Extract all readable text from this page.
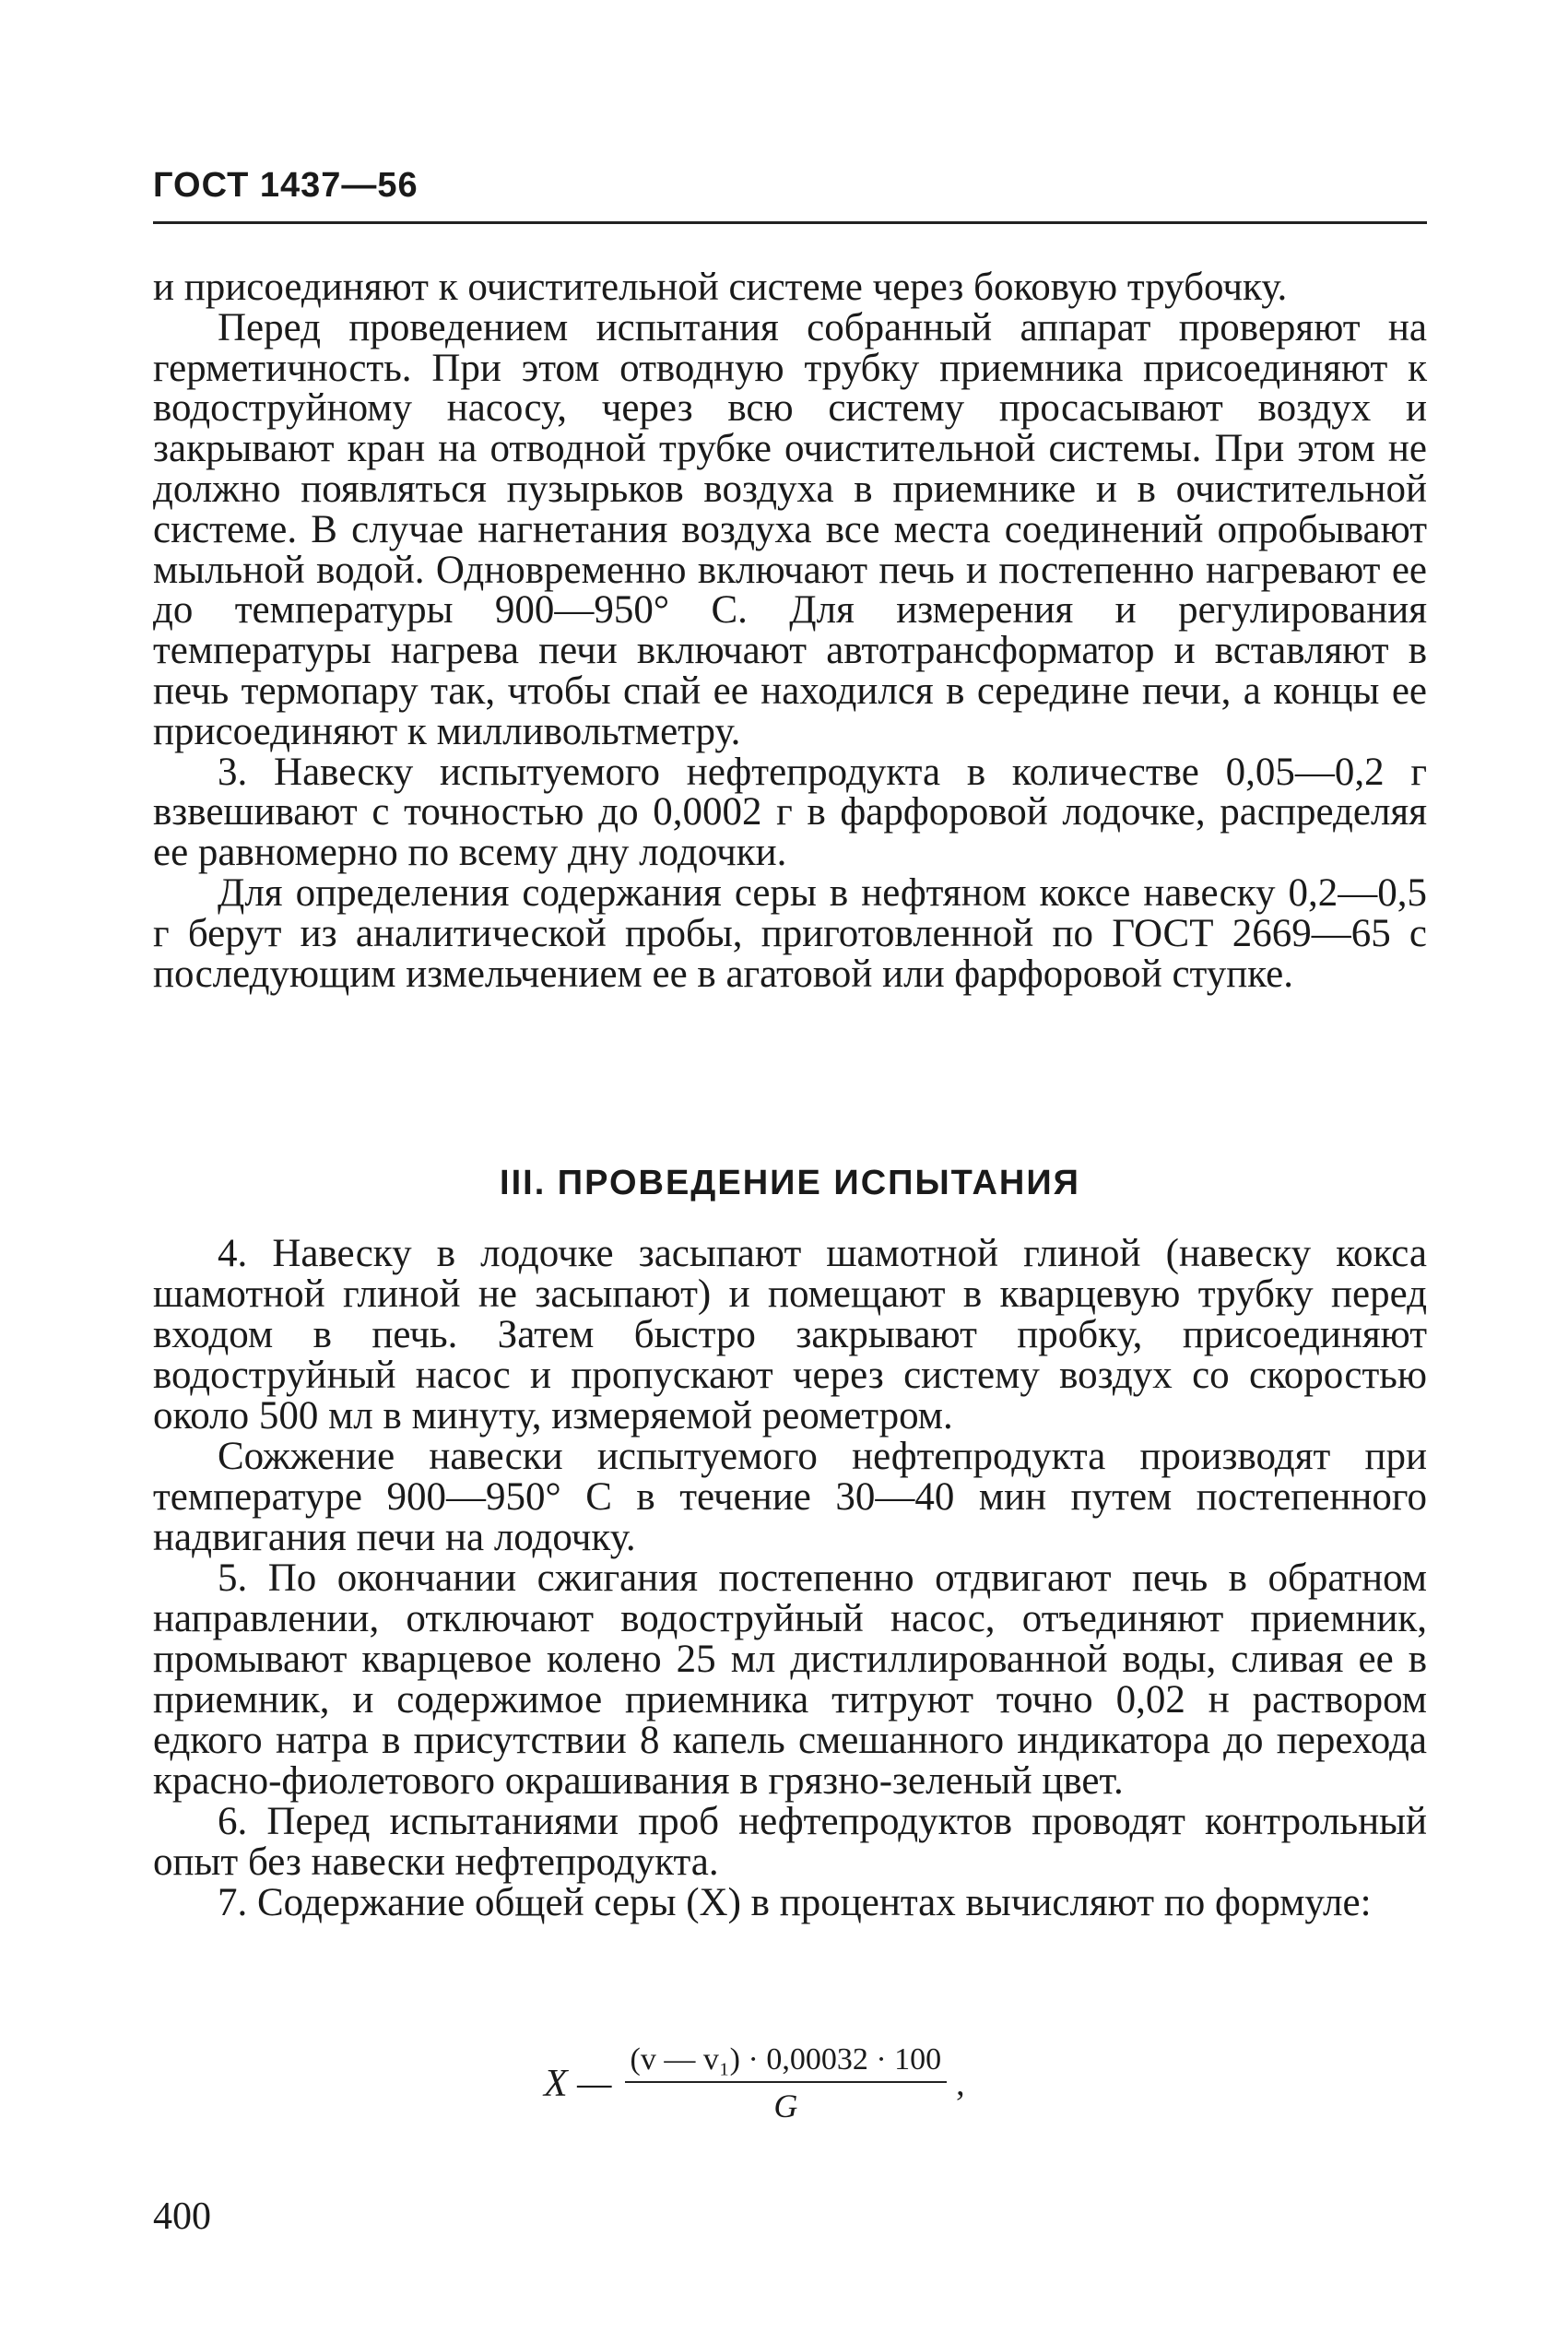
ГОСТ 1437—56

и присоединяют к очистительной системе через боковую трубочку.

Перед проведением испытания собранный аппарат проверяют на герметичность. При этом отводную трубку приемника присоединяют к водоструйному насосу, через всю систему просасывают воздух и закрывают кран на отводной трубке очистительной системы. При этом не должно появляться пузырьков воздуха в приемнике и в очистительной системе. В случае нагнетания воздуха все места соединений опробывают мыльной водой. Одновременно включают печь и постепенно нагревают ее до температуры 900—950° С. Для измерения и регулирования температуры нагрева печи включают автотрансформатор и вставляют в печь термопару так, чтобы спай ее находился в середине печи, а концы ее присоединяют к милливольтметру.

3. Навеску испытуемого нефтепродукта в количестве 0,05—0,2 г взвешивают с точностью до 0,0002 г в фарфоровой лодочке, распределяя ее равномерно по всему дну лодочки.

Для определения содержания серы в нефтяном коксе навеску 0,2—0,5 г берут из аналитической пробы, приготовленной по ГОСТ 2669—65 с последующим измельчением ее в агатовой или фарфоровой ступке.

III. ПРОВЕДЕНИЕ ИСПЫТАНИЯ

4. Навеску в лодочке засыпают шамотной глиной (навеску кокса шамотной глиной не засыпают) и помещают в кварцевую трубку перед входом в печь. Затем быстро закрывают пробку, присоединяют водоструйный насос и пропускают через систему воздух со скоростью около 500 мл в минуту, измеряемой реометром.

Сожжение навески испытуемого нефтепродукта производят при температуре 900—950° С в течение 30—40 мин путем постепенного надвигания печи на лодочку.

5. По окончании сжигания постепенно отдвигают печь в обратном направлении, отключают водоструйный насос, отъединяют приемник, промывают кварцевое колено 25 мл дистиллированной воды, сливая ее в приемник, и содержимое приемника титруют точно 0,02 н раствором едкого натра в присутствии 8 капель смешанного индикатора до перехода красно-фиолетового окрашивания в грязно-зеленый цвет.

6. Перед испытаниями проб нефтепродуктов проводят контрольный опыт без навески нефтепродукта.

7. Содержание общей серы (X) в процентах вычисляют по формуле:

X — $\frac{\text{(v — v₁) · 0,00032 · 100}}{G}$ ,
400
